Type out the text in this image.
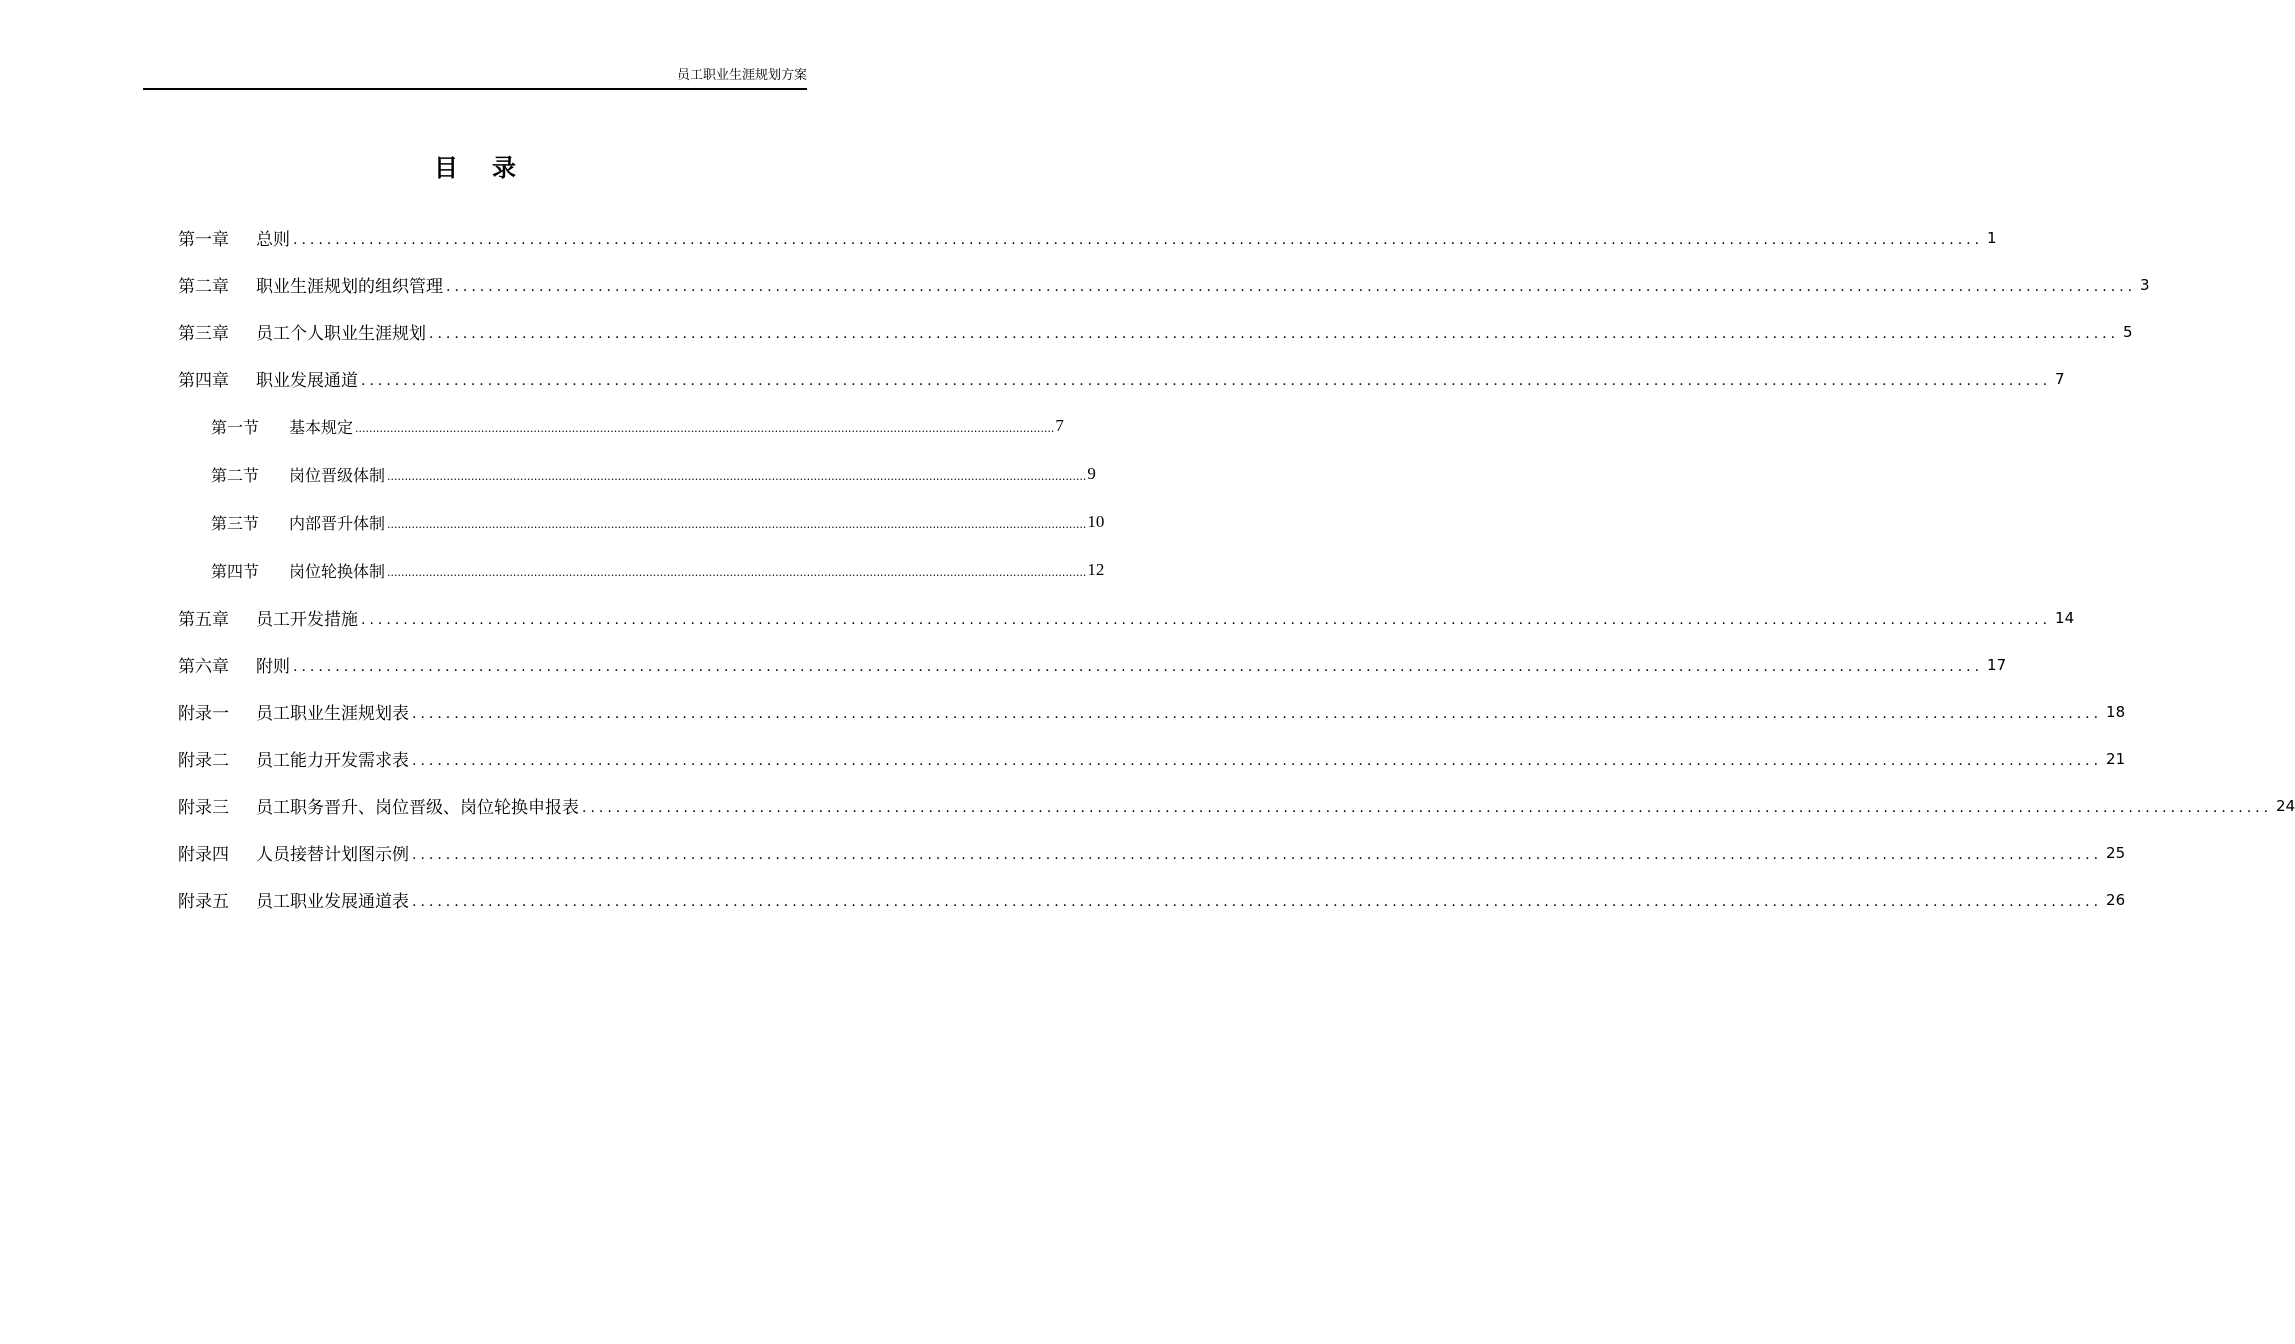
员工职业生涯规划方案
目录
第一章	总则 ........................................................................................................................................................................................................ 1
第二章	职业生涯规划的组织管理 ........................................................................................................................................................................................................ 3
第三章	员工个人职业生涯规划 ........................................................................................................................................................................................................ 5
第四章	职业发展通道 ........................................................................................................................................................................................................ 7
第一节	基本规定 ........................................................................................................................................................................................................ 7
第二节	岗位晋级体制 ........................................................................................................................................................................................................ 9
第三节	内部晋升体制 ........................................................................................................................................................................................................ 10
第四节	岗位轮换体制 ........................................................................................................................................................................................................ 12
第五章	员工开发措施 ........................................................................................................................................................................................................ 14
第六章	附则 ........................................................................................................................................................................................................ 17
附录一	员工职业生涯规划表 ........................................................................................................................................................................................................ 18
附录二	员工能力开发需求表 ........................................................................................................................................................................................................ 21
附录三	员工职务晋升、岗位晋级、岗位轮换申报表 ........................................................................................................................................................................................................ 24
附录四	人员接替计划图示例 ........................................................................................................................................................................................................ 25
附录五	员工职业发展通道表 ........................................................................................................................................................................................................ 26
